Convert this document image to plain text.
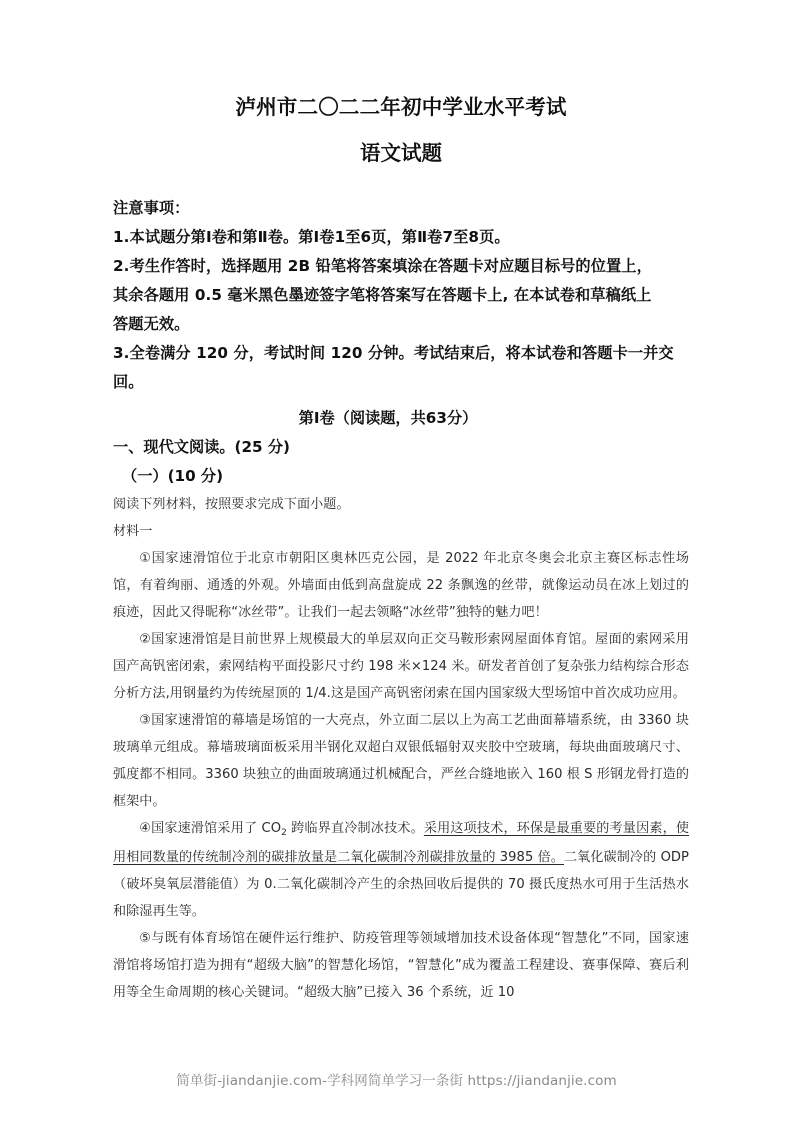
泸州市二〇二二年初中学业水平考试
语文试题

注意事项：

1.本试题分第Ⅰ卷和第Ⅱ卷。第Ⅰ卷1至6页，第Ⅱ卷7至8页。

2.考生作答时，选择题用 2B 铅笔将答案填涂在答题卡对应题目标号的位置上，

其余各题用 0.5 毫米黑色墨迹签字笔将答案写在答题卡上, 在本试卷和草稿纸上

答题无效。

3.全卷满分 120 分，考试时间 120 分钟。考试结束后，将本试卷和答题卡一并交

回。

第Ⅰ卷（阅读题，共63分）

一、现代文阅读。(25 分)

（一）(10 分)

阅读下列材料，按照要求完成下面小题。

材料一

①国家速滑馆位于北京市朝阳区奥林匹克公园，是 2022 年北京冬奥会北京主赛区标志性场馆，有着绚丽、通透的外观。外墙面由低到高盘旋成 22 条飘逸的丝带，就像运动员在冰上划过的痕迹，因此又得昵称“冰丝带”。让我们一起去领略“冰丝带”独特的魅力吧！

②国家速滑馆是目前世界上规模最大的单层双向正交马鞍形索网屋面体育馆。屋面的索网采用国产高钒密闭索，索网结构平面投影尺寸约 198 米×124 米。研发者首创了复杂张力结构综合形态分析方法,用钢量约为传统屋顶的 1/4.这是国产高钒密闭索在国内国家级大型场馆中首次成功应用。

③国家速滑馆的幕墙是场馆的一大亮点，外立面二层以上为高工艺曲面幕墙系统，由 3360 块玻璃单元组成。幕墙玻璃面板采用半钢化双超白双银低辐射双夹胶中空玻璃，每块曲面玻璃尺寸、弧度都不相同。3360 块独立的曲面玻璃通过机械配合，严丝合缝地嵌入 160 根 S 形钢龙骨打造的框架中。

④国家速滑馆采用了 $CO_2$ 跨临界直冷制冰技术。采用这项技术，环保是最重要的考量因素，使用相同数量的传统制冷剂的碳排放量是二氧化碳制冷剂碳排放量的 3985 倍。二氧化碳制冷的 ODP（破坏臭氧层潜能值）为 0.二氧化碳制冷产生的余热回收后提供的 70 摄氏度热水可用于生活热水和除湿再生等。

⑤与既有体育场馆在硬件运行维护、防疫管理等领域增加技术设备体现“智慧化”不同，国家速滑馆将场馆打造为拥有“超级大脑”的智慧化场馆，“智慧化”成为覆盖工程建设、赛事保障、赛后利用等全生命周期的核心关键词。“超级大脑”已接入 36 个系统，近 10

简单街-jiandanjie.com-学科网简单学习一条街 https://jiandanjie.com
